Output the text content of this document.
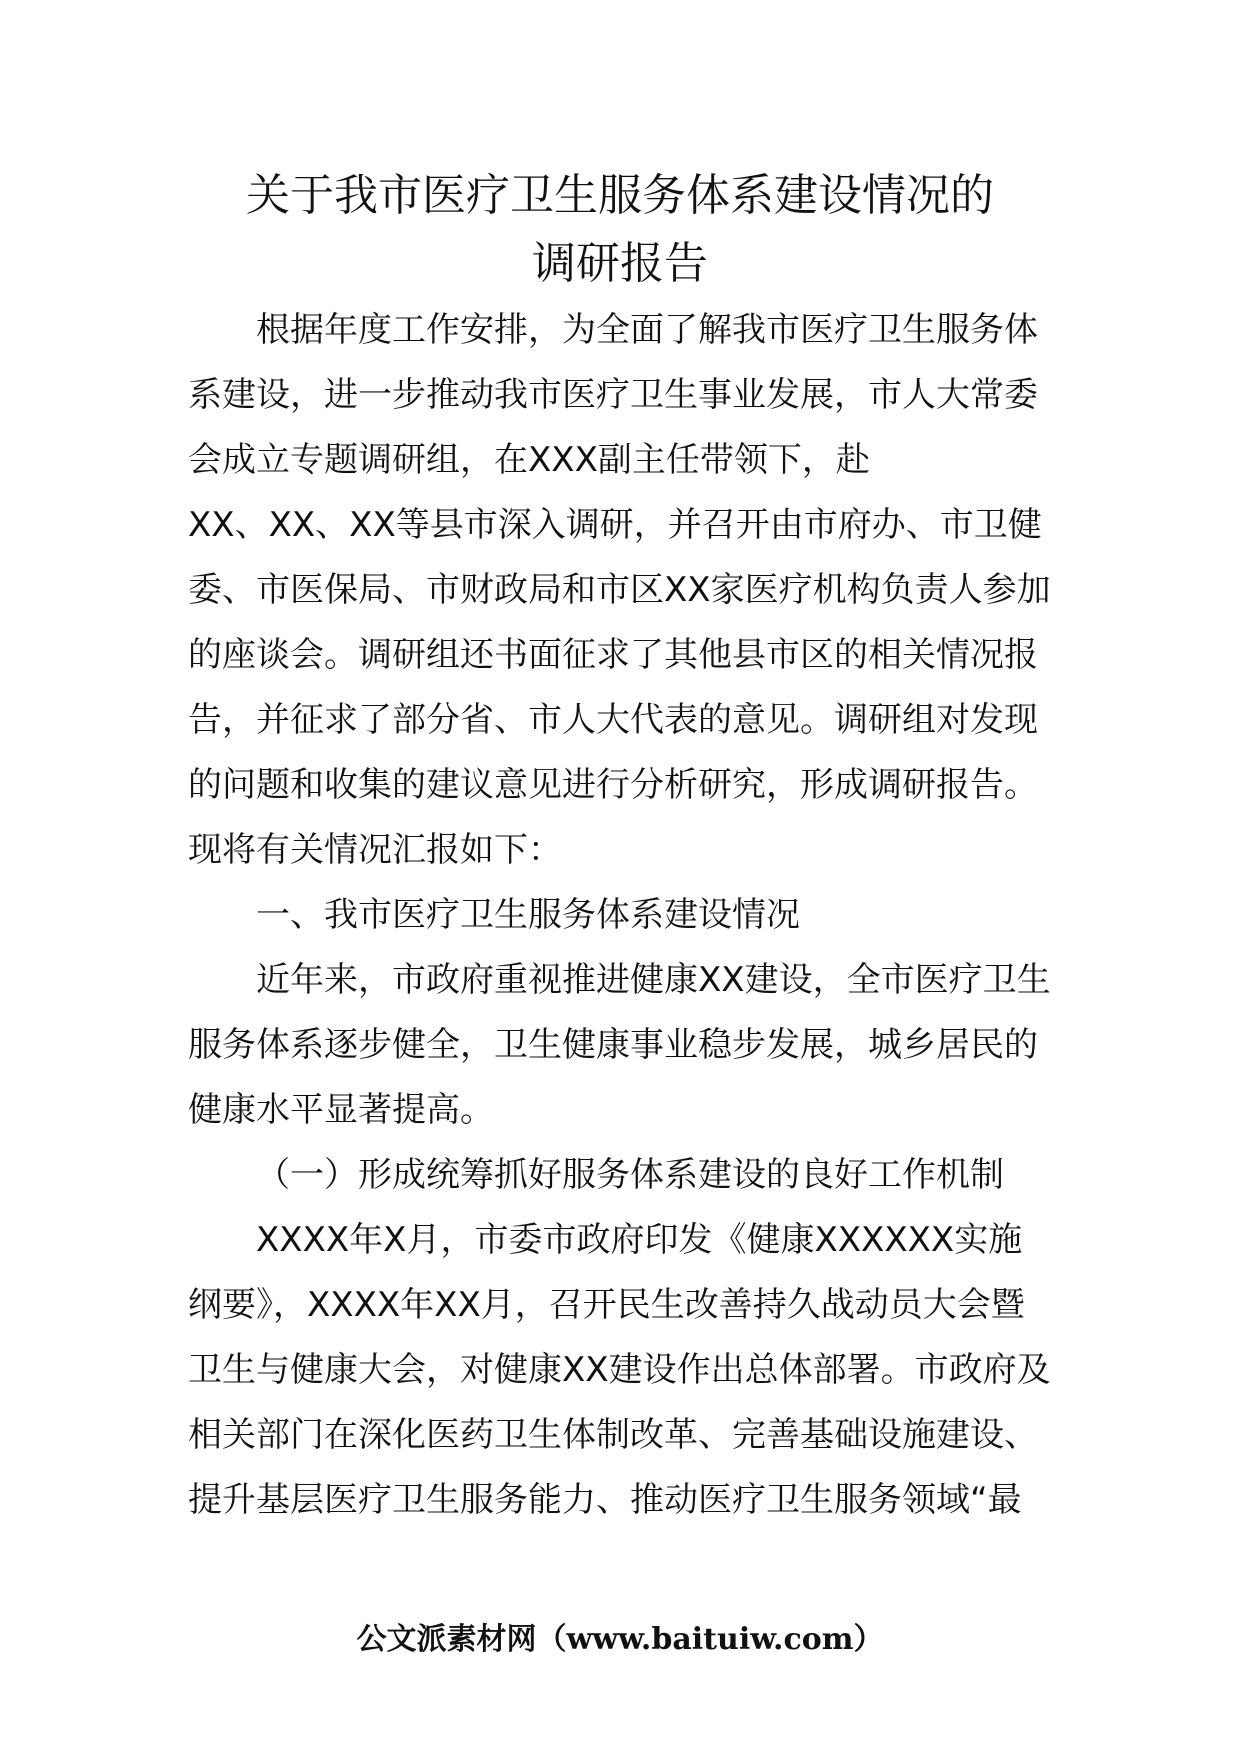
关于我市医疗卫生服务体系建设情况的
调研报告

根据年度工作安排，为全面了解我市医疗卫生服务体

系建设，进一步推动我市医疗卫生事业发展，市人大常委

会成立专题调研组，在XXX副主任带领下，赴

XX、XX、XX等县市深入调研，并召开由市府办、市卫健

委、市医保局、市财政局和市区XX家医疗机构负责人参加

的座谈会。调研组还书面征求了其他县市区的相关情况报

告，并征求了部分省、市人大代表的意见。调研组对发现

的问题和收集的建议意见进行分析研究，形成调研报告。

现将有关情况汇报如下：

一、我市医疗卫生服务体系建设情况

近年来，市政府重视推进健康XX建设，全市医疗卫生

服务体系逐步健全，卫生健康事业稳步发展，城乡居民的

健康水平显著提高。

（一）形成统筹抓好服务体系建设的良好工作机制

XXXX年X月，市委市政府印发《健康XXXXXX实施

纲要》，XXXX年XX月，召开民生改善持久战动员大会暨

卫生与健康大会，对健康XX建设作出总体部署。市政府及

相关部门在深化医药卫生体制改革、完善基础设施建设、

提升基层医疗卫生服务能力、推动医疗卫生服务领域“最

公文派素材网（www.baituiw.com）
